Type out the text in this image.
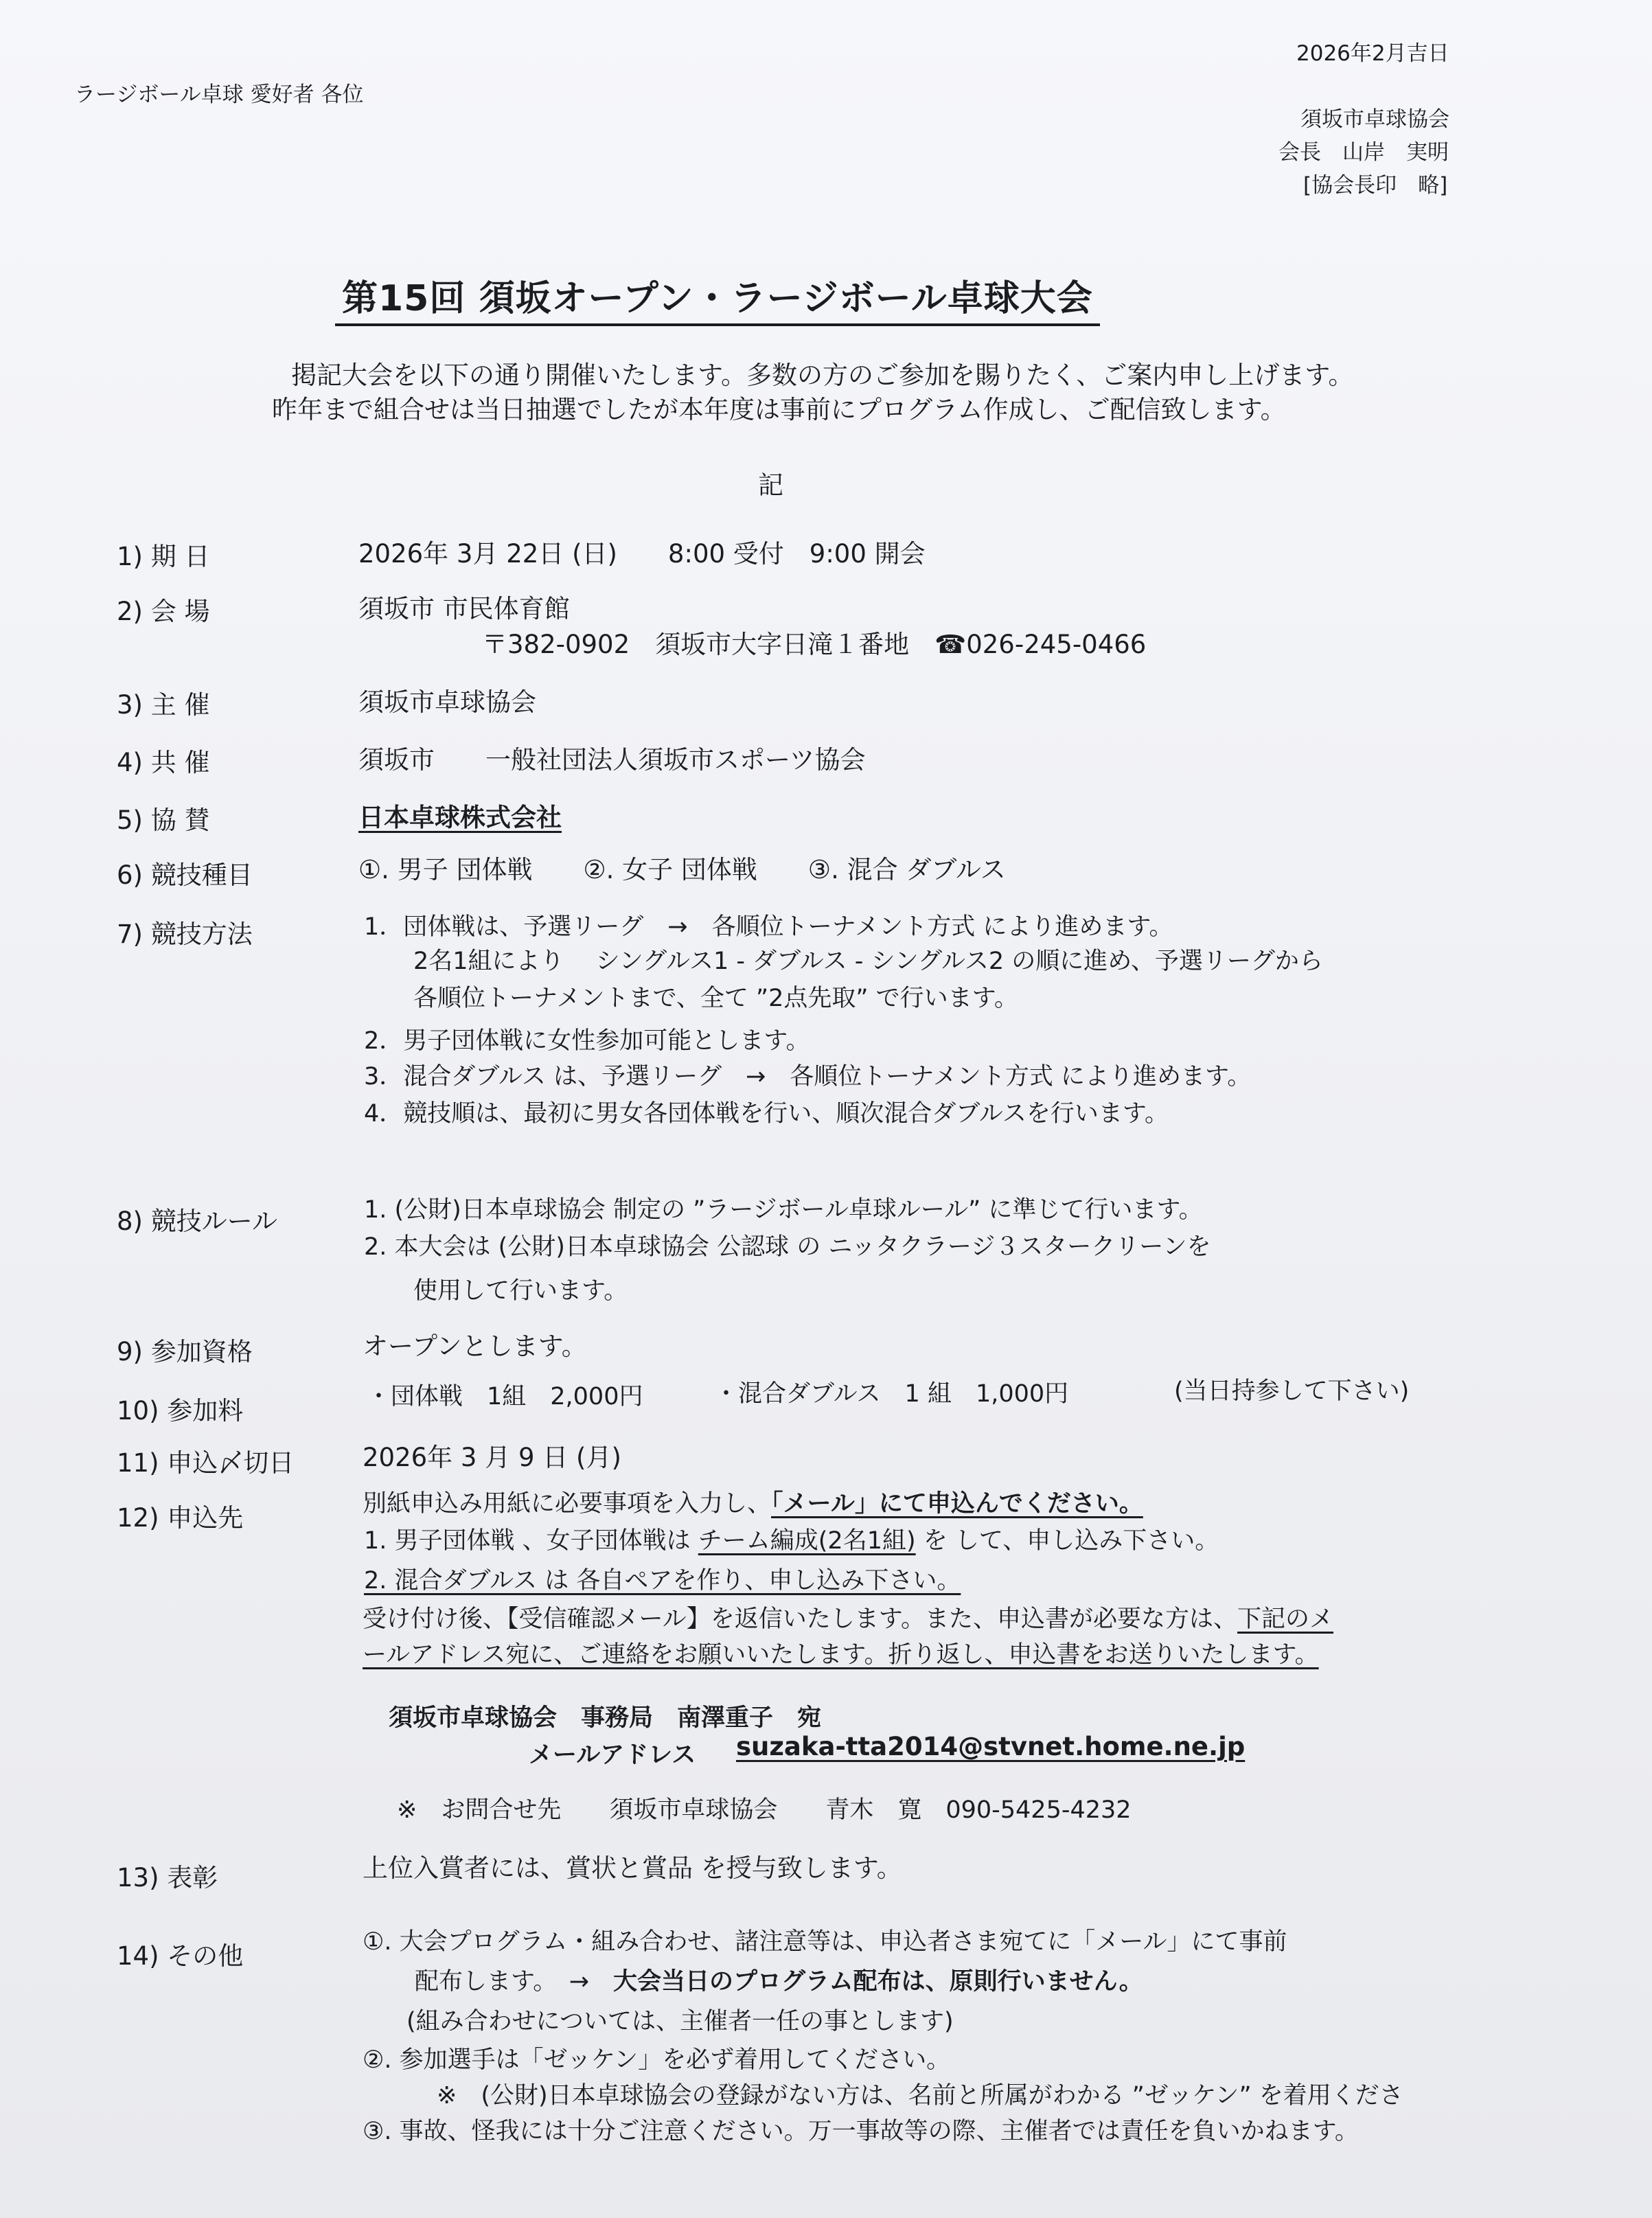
2026年2月吉日
ラージボール卓球 愛好者 各位
須坂市卓球協会
会長　山岸　実明
[協会長印　略]
第15回 須坂オープン・ラージボール卓球大会
掲記大会を以下の通り開催いたします。多数の方のご参加を賜りたく、ご案内申し上げます。
昨年まで組合せは当日抽選でしたが本年度は事前にプログラム作成し、ご配信致します。
記
1) 期 日	2026年 3月 22日 (日)　　8:00 受付　9:00 開会
2) 会 場	須坂市 市民体育館
〒382-0902　須坂市大字日滝１番地　☎026-245-0466
3) 主 催	須坂市卓球協会
4) 共 催	須坂市　　一般社団法人須坂市スポーツ協会
5) 協 賛	日本卓球株式会社
6) 競技種目	①. 男子 団体戦　　②. 女子 団体戦　　③. 混合 ダブルス
7) 競技方法	1．団体戦は、予選リーグ　→　各順位トーナメント方式 により進めます。
2名1組により　 シングルス1 - ダブルス - シングルス2 の順に進め、予選リーグから
各順位トーナメントまで、全て ”2点先取” で行います。
2．男子団体戦に女性参加可能とします。
3．混合ダブルス は、予選リーグ　→　各順位トーナメント方式 により進めます。
4．競技順は、最初に男女各団体戦を行い、順次混合ダブルスを行います。
8) 競技ルール	1. (公財)日本卓球協会 制定の ”ラージボール卓球ルール” に準じて行います。
2. 本大会は (公財)日本卓球協会 公認球 の ニッタクラージ３スタークリーンを
使用して行います。
9) 参加資格	オープンとします。
10) 参加料	・団体戦　1組　2,000円	・混合ダブルス　1 組　1,000円	(当日持参して下さい)
11) 申込〆切日	2026年 3 月 9 日 (月)
12) 申込先	別紙申込み用紙に必要事項を入力し、「メール」にて申込んでください。
1. 男子団体戦 、女子団体戦は チーム編成(2名1組) を して、申し込み下さい。
2. 混合ダブルス は 各自ペアを作り、申し込み下さい。
受け付け後、【受信確認メール】を返信いたします。また、申込書が必要な方は、下記のメ
ールアドレス宛に、ご連絡をお願いいたします。折り返し、申込書をお送りいたします。
須坂市卓球協会　事務局　南澤重子　宛
メールアドレス suzaka-tta2014@stvnet.home.ne.jp
※　お問合せ先　　須坂市卓球協会　　青木　寛　090-5425-4232
13) 表彰	上位入賞者には、賞状と賞品 を授与致します。
14) その他	①. 大会プログラム・組み合わせ、諸注意等は、申込者さま宛てに「メール」にて事前
配布します。　→　大会当日のプログラム配布は、原則行いません。
(組み合わせについては、主催者一任の事とします)
②. 参加選手は「ゼッケン」を必ず着用してください。
※　(公財)日本卓球協会の登録がない方は、名前と所属がわかる ”ゼッケン” を着用くださ
③. 事故、怪我には十分ご注意ください。万一事故等の際、主催者では責任を負いかねます。
